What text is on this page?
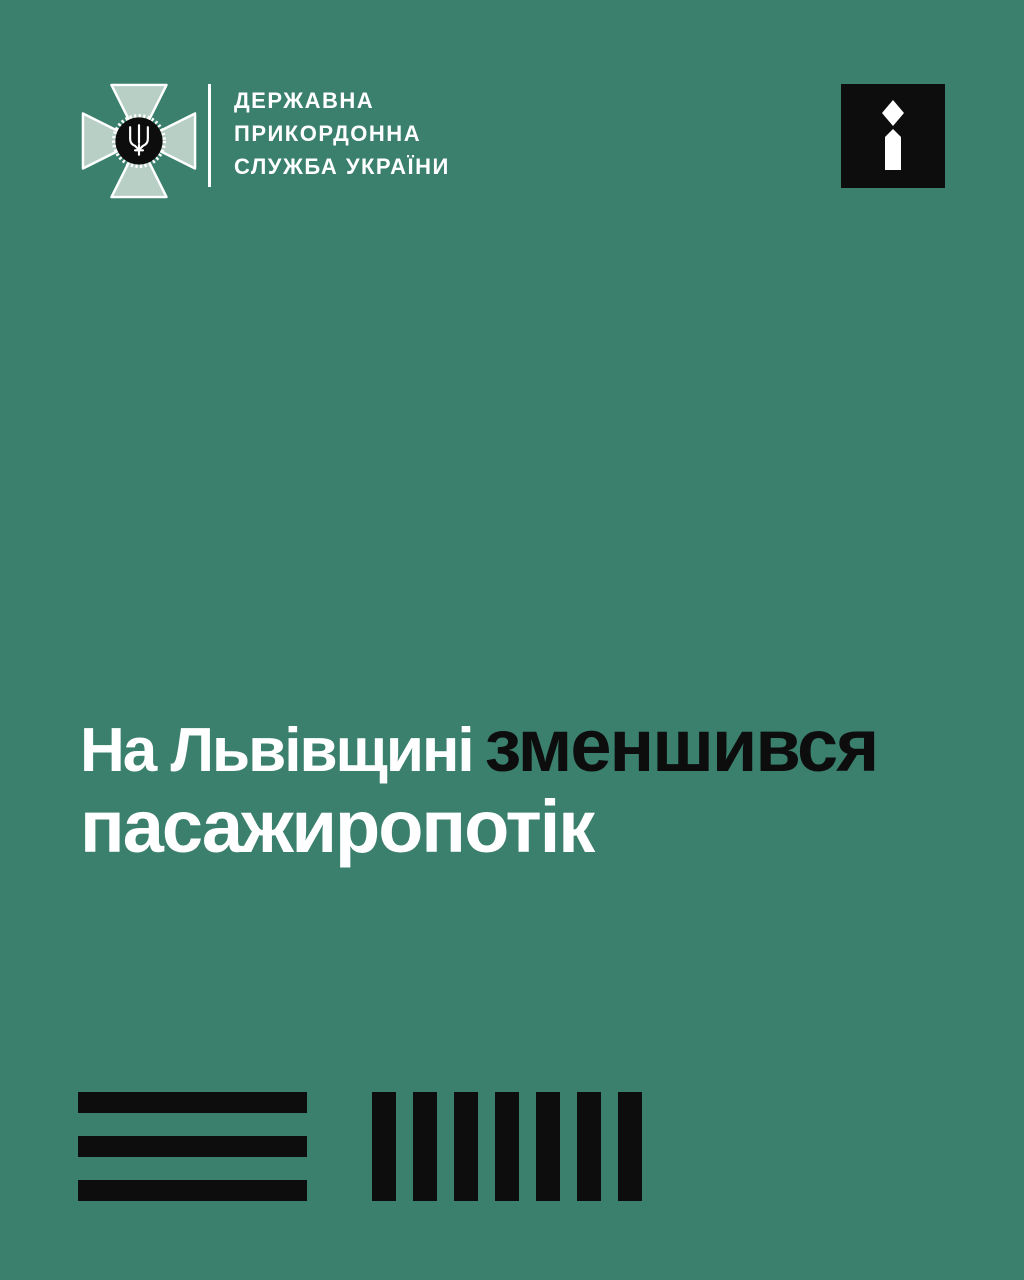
ДЕРЖАВНА
ПРИКОРДОННА
СЛУЖБА УКРАЇНИ
На Львівщині зменшився
пасажиропотік
